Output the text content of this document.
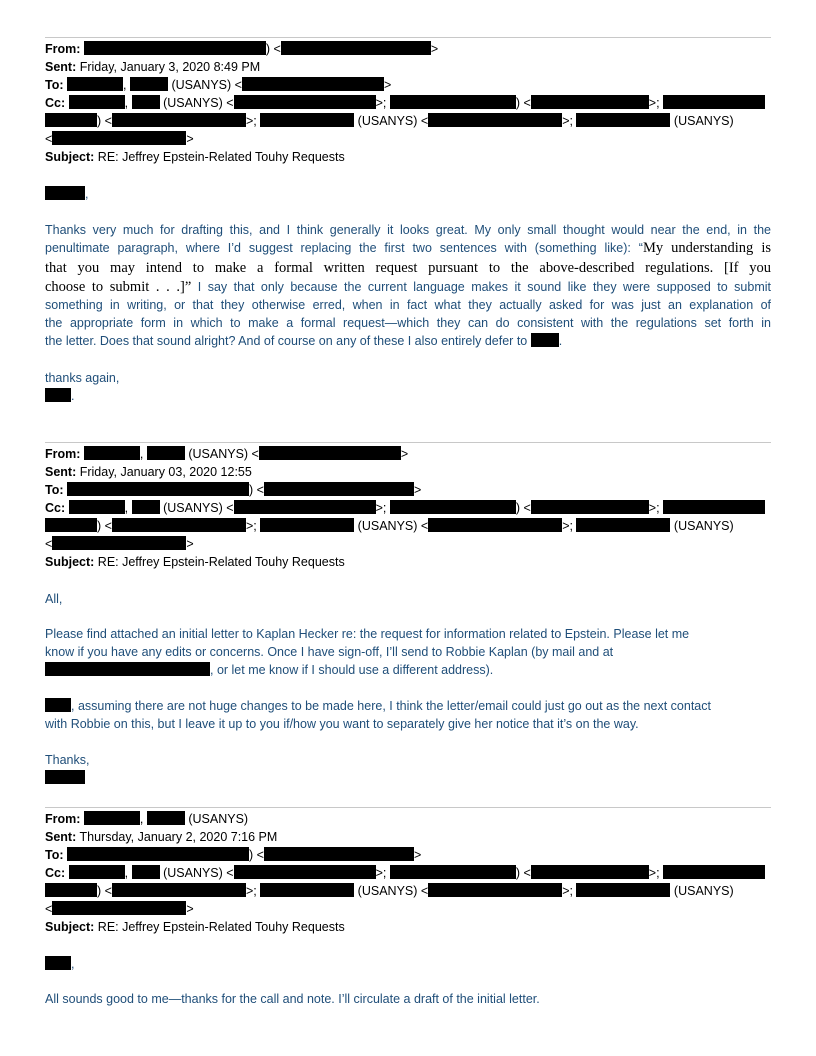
From:	) <	>
Sent: Friday, January 3, 2020 8:49 PM
To:	,	(USANYS) <	>
Cc:	,	(USANYS) <	>;	) <	>;
) <	>;	(USANYS) <	>;	(USANYS)
<	>
Subject: RE: Jeffrey Epstein-Related Touhy Requests
,
Thanks very much for drafting this, and I think generally it looks great. My only small thought would near the end, in the
penultimate paragraph, where I’d suggest replacing the first two sentences with (something like): “My understanding is
that you may intend to make a formal written request pursuant to the above-described regulations. [If you
choose to submit . . .]” I say that only because the current language makes it sound like they were supposed to submit
something in writing, or that they otherwise erred, when in fact what they actually asked for was just an explanation of
the appropriate form in which to make a formal request—which they can do consistent with the regulations set forth in
the letter. Does that sound alright? And of course on any of these I also entirely defer to	.
thanks again,
.
From:	,	(USANYS) <	>
Sent: Friday, January 03, 2020 12:55
To:	) <	>
Cc:	,	(USANYS) <	>;	) <	>;
) <	>;	(USANYS) <	>;	(USANYS)
<	>
Subject: RE: Jeffrey Epstein-Related Touhy Requests
All,
Please find attached an initial letter to Kaplan Hecker re: the request for information related to Epstein. Please let me
know if you have any edits or concerns. Once I have sign-off, I’ll send to Robbie Kaplan (by mail and at
, or let me know if I should use a different address).
, assuming there are not huge changes to be made here, I think the letter/email could just go out as the next contact
with Robbie on this, but I leave it up to you if/how you want to separately give her notice that it’s on the way.
Thanks,
From:	,	(USANYS)
Sent: Thursday, January 2, 2020 7:16 PM
To:	) <	>
Cc:	,	(USANYS) <	>;	) <	>;
) <	>;	(USANYS) <	>;	(USANYS)
<	>
Subject: RE: Jeffrey Epstein-Related Touhy Requests
,
All sounds good to me—thanks for the call and note. I’ll circulate a draft of the initial letter.
